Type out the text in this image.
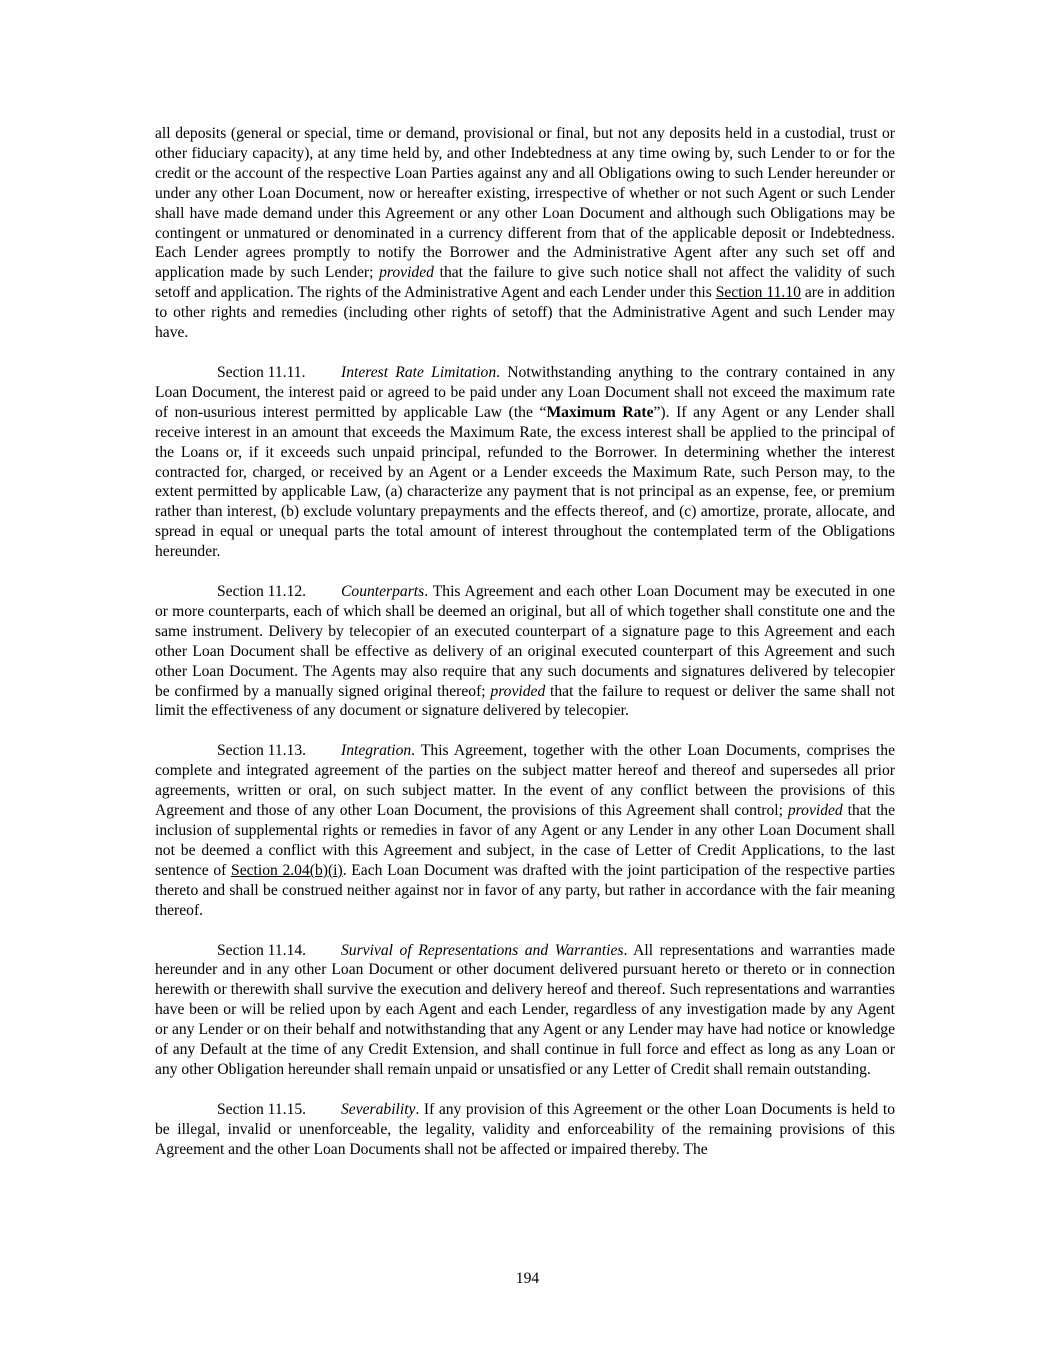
all deposits (general or special, time or demand, provisional or final, but not any deposits held in a custodial, trust or other fiduciary capacity), at any time held by, and other Indebtedness at any time owing by, such Lender to or for the credit or the account of the respective Loan Parties against any and all Obligations owing to such Lender hereunder or under any other Loan Document, now or hereafter existing, irrespective of whether or not such Agent or such Lender shall have made demand under this Agreement or any other Loan Document and although such Obligations may be contingent or unmatured or denominated in a currency different from that of the applicable deposit or Indebtedness. Each Lender agrees promptly to notify the Borrower and the Administrative Agent after any such set off and application made by such Lender; provided that the failure to give such notice shall not affect the validity of such setoff and application. The rights of the Administrative Agent and each Lender under this Section 11.10 are in addition to other rights and remedies (including other rights of setoff) that the Administrative Agent and such Lender may have.

Section 11.11. Interest Rate Limitation. Notwithstanding anything to the contrary contained in any Loan Document, the interest paid or agreed to be paid under any Loan Document shall not exceed the maximum rate of non-usurious interest permitted by applicable Law (the “Maximum Rate”). If any Agent or any Lender shall receive interest in an amount that exceeds the Maximum Rate, the excess interest shall be applied to the principal of the Loans or, if it exceeds such unpaid principal, refunded to the Borrower. In determining whether the interest contracted for, charged, or received by an Agent or a Lender exceeds the Maximum Rate, such Person may, to the extent permitted by applicable Law, (a) characterize any payment that is not principal as an expense, fee, or premium rather than interest, (b) exclude voluntary prepayments and the effects thereof, and (c) amortize, prorate, allocate, and spread in equal or unequal parts the total amount of interest throughout the contemplated term of the Obligations hereunder.

Section 11.12. Counterparts. This Agreement and each other Loan Document may be executed in one or more counterparts, each of which shall be deemed an original, but all of which together shall constitute one and the same instrument. Delivery by telecopier of an executed counterpart of a signature page to this Agreement and each other Loan Document shall be effective as delivery of an original executed counterpart of this Agreement and such other Loan Document. The Agents may also require that any such documents and signatures delivered by telecopier be confirmed by a manually signed original thereof; provided that the failure to request or deliver the same shall not limit the effectiveness of any document or signature delivered by telecopier.

Section 11.13. Integration. This Agreement, together with the other Loan Documents, comprises the complete and integrated agreement of the parties on the subject matter hereof and thereof and supersedes all prior agreements, written or oral, on such subject matter. In the event of any conflict between the provisions of this Agreement and those of any other Loan Document, the provisions of this Agreement shall control; provided that the inclusion of supplemental rights or remedies in favor of any Agent or any Lender in any other Loan Document shall not be deemed a conflict with this Agreement and subject, in the case of Letter of Credit Applications, to the last sentence of Section 2.04(b)(i). Each Loan Document was drafted with the joint participation of the respective parties thereto and shall be construed neither against nor in favor of any party, but rather in accordance with the fair meaning thereof.

Section 11.14. Survival of Representations and Warranties. All representations and warranties made hereunder and in any other Loan Document or other document delivered pursuant hereto or thereto or in connection herewith or therewith shall survive the execution and delivery hereof and thereof. Such representations and warranties have been or will be relied upon by each Agent and each Lender, regardless of any investigation made by any Agent or any Lender or on their behalf and notwithstanding that any Agent or any Lender may have had notice or knowledge of any Default at the time of any Credit Extension, and shall continue in full force and effect as long as any Loan or any other Obligation hereunder shall remain unpaid or unsatisfied or any Letter of Credit shall remain outstanding.

Section 11.15. Severability. If any provision of this Agreement or the other Loan Documents is held to be illegal, invalid or unenforceable, the legality, validity and enforceability of the remaining provisions of this Agreement and the other Loan Documents shall not be affected or impaired thereby. The

194
